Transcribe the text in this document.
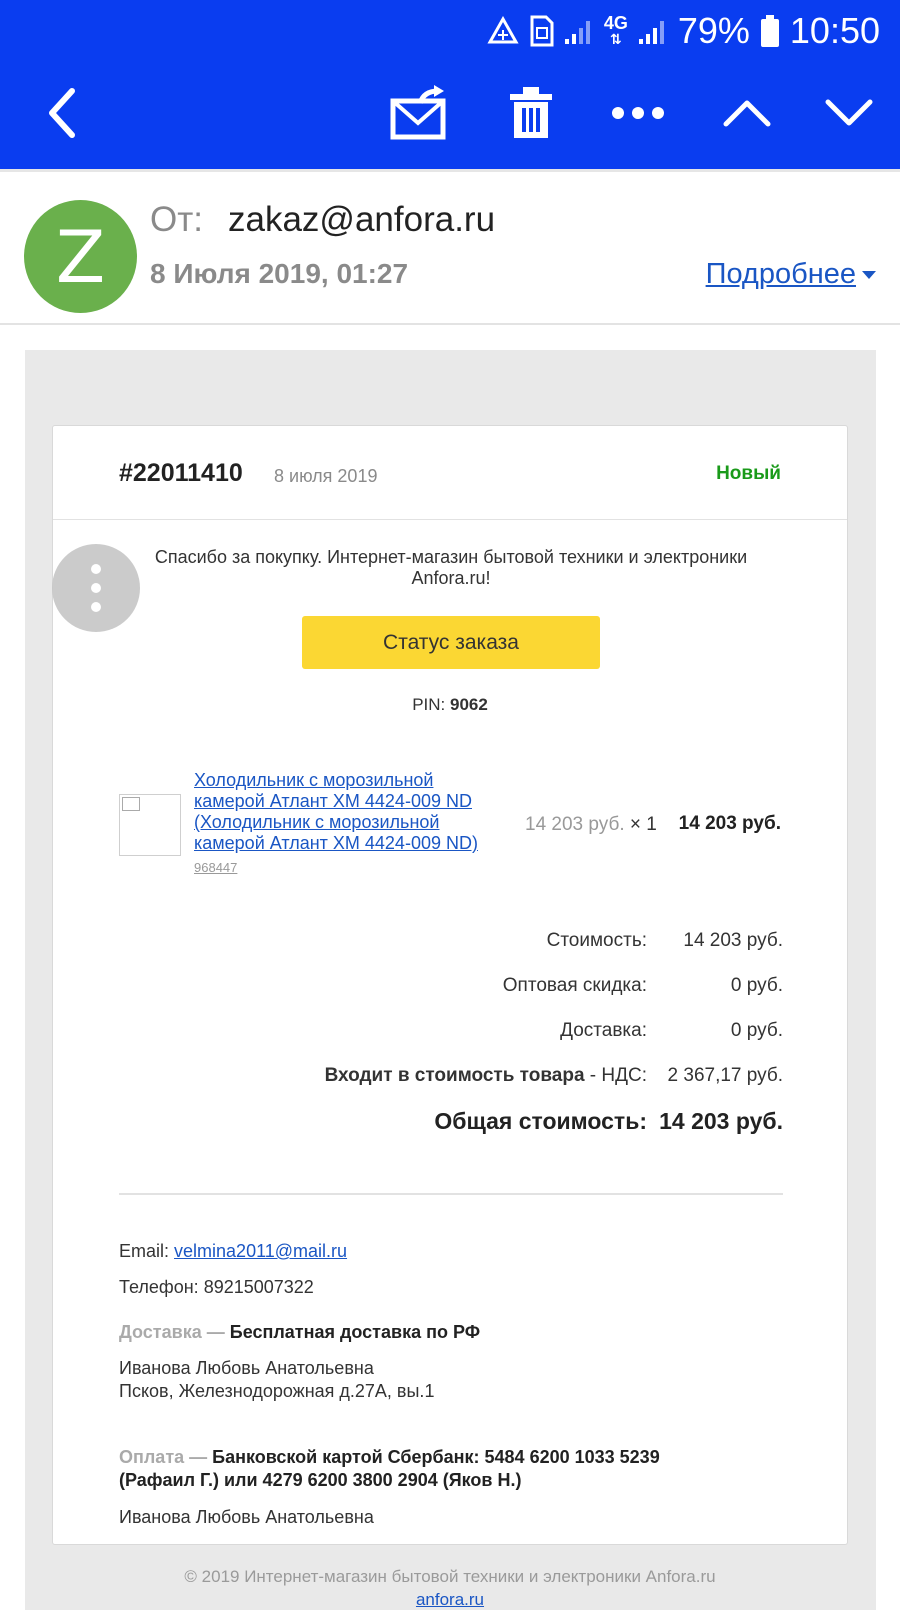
4G
⇅ 79% 10:50
Z	От: zakaz@anfora.ru
8 Июля 2019, 01:27	Подробнее
#22011410 8 июля 2019	Новый
Спасибо за покупку. Интернет-магазин бытовой техники и электроники Anfora.ru!
Статус заказа
PIN: 9062
Холодильник с морозильной камерой Атлант ХМ 4424-009 ND (Холодильник с морозильной камерой Атлант ХМ 4424-009 ND)
968447
14 203 руб. × 1 14 203 руб.
Стоимость: 14 203 руб.
Оптовая скидка:	0 руб.
Доставка:	0 руб.
Входит в стоимость товара - НДС: 2 367,17 руб.
Общая стоимость: 14 203 руб.
Email: velmina2011@mail.ru
Телефон: 89215007322
Доставка — Бесплатная доставка по РФ
Иванова Любовь Анатольевна
Псков, Железнодорожная д.27А, вы.1
Оплата — Банковской картой Сбербанк: 5484 6200 1033 5239 (Рафаил Г.) или 4279 6200 3800 2904 (Яков Н.)
Иванова Любовь Анатольевна
© 2019 Интернет-магазин бытовой техники и электроники Anfora.ru
anfora.ru
